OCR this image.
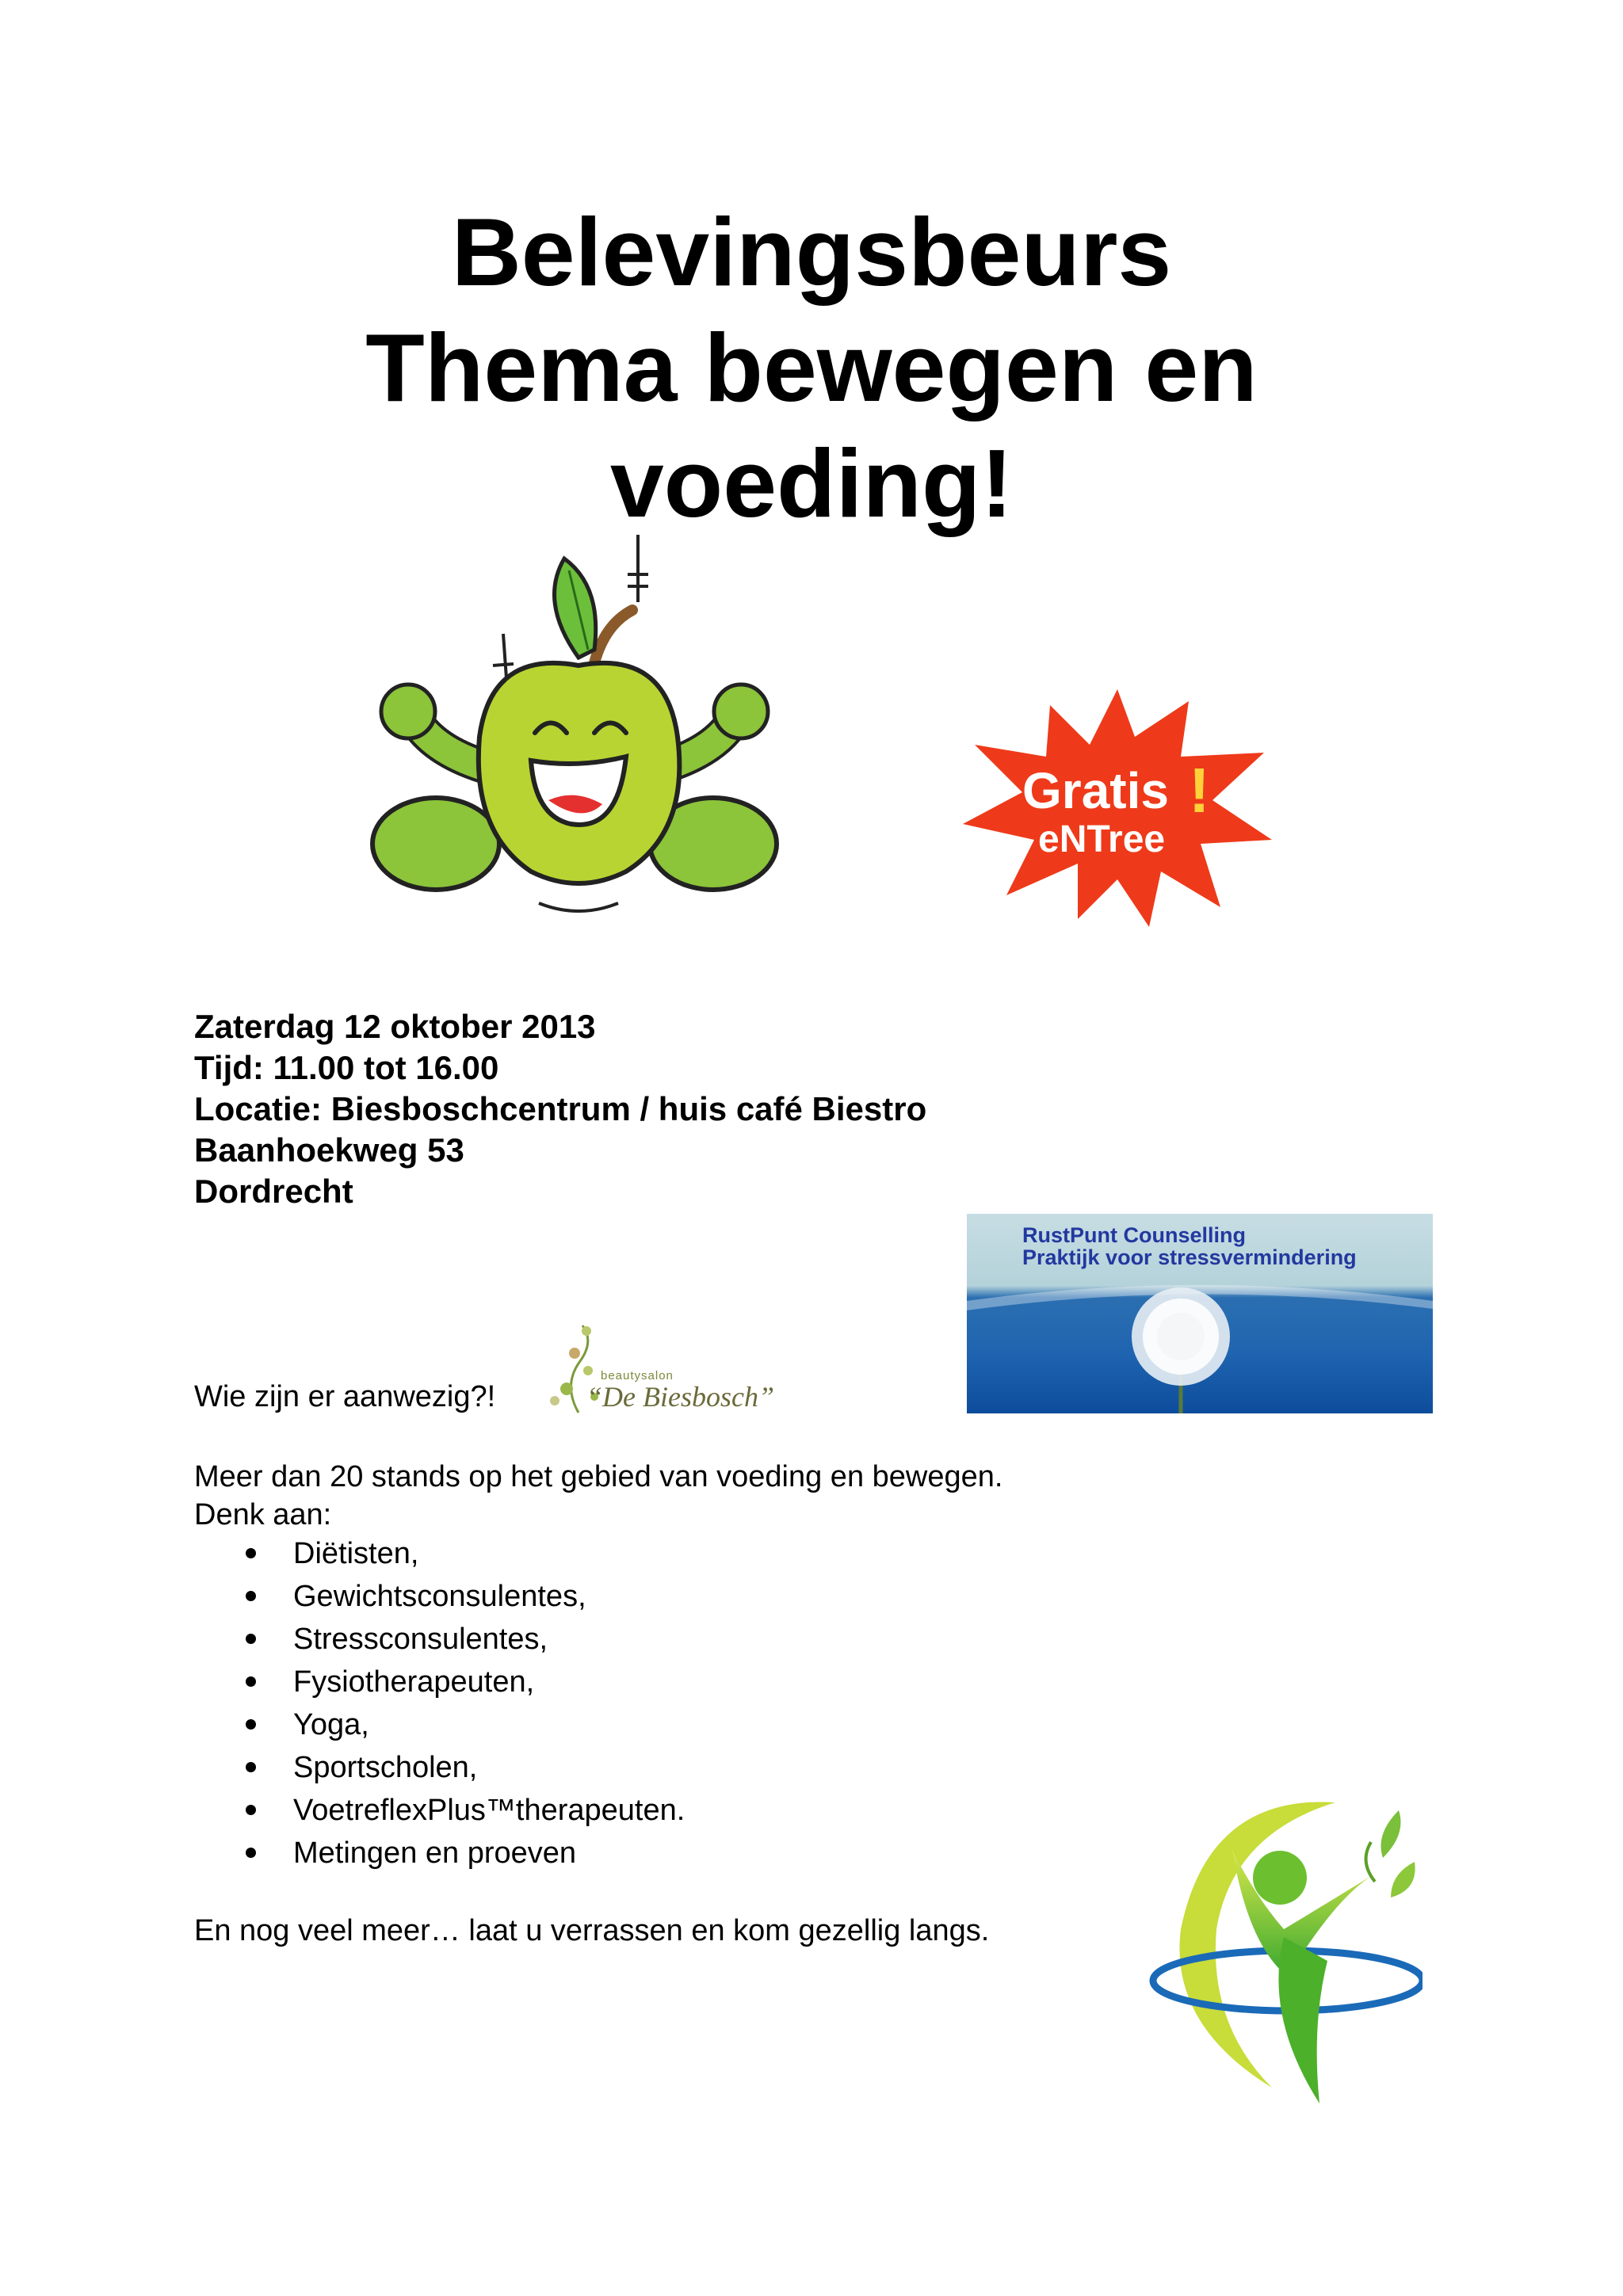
Belevingsbeurs
Thema bewegen en
voeding!
Gratis !
eNTree
Zaterdag 12 oktober 2013
Tijd: 11.00 tot 16.00
Locatie: Biesboschcentrum / huis café Biestro
Baanhoekweg 53
Dordrecht
RustPunt Counselling
Praktijk voor stressvermindering
Wie zijn er aanwezig?!
beautysalon
“De Biesbosch”
Meer dan 20 stands op het gebied van voeding en bewegen.
Denk aan:
Diëtisten,
Gewichtsconsulentes,
Stressconsulentes,
Fysiotherapeuten,
Yoga,
Sportscholen,
VoetreflexPlus™therapeuten.
Metingen en proeven
En nog veel meer… laat u verrassen en kom gezellig langs.
